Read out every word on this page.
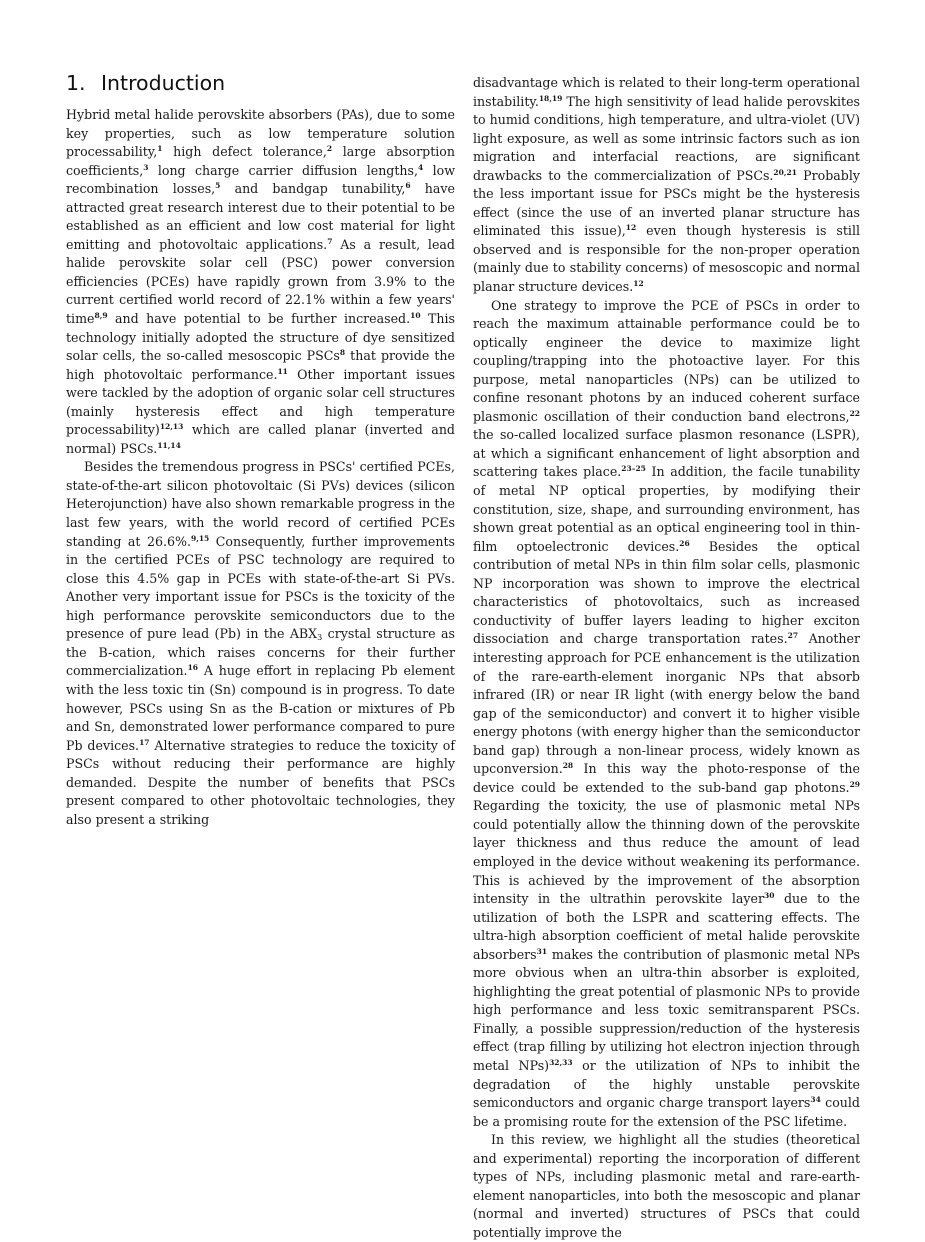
1. Introduction

Hybrid metal halide perovskite absorbers (PAs), due to some key properties, such as low temperature solution processability,$^1$ high defect tolerance,$^2$ large absorption coefficients,$^3$ long charge carrier diffusion lengths,$^4$ low recombination losses,$^5$ and bandgap tunability,$^6$ have attracted great research interest due to their potential to be established as an efficient and low cost material for light emitting and photovoltaic applications.$^7$ As a result, lead halide perovskite solar cell (PSC) power conversion efficiencies (PCEs) have rapidly grown from 3.9% to the current certified world record of 22.1% within a few years' time$^{8,9}$ and have potential to be further increased.$^{10}$ This technology initially adopted the structure of dye sensitized solar cells, the so-called mesoscopic PSCs$^8$ that provide the high photovoltaic performance.$^{11}$ Other important issues were tackled by the adoption of organic solar cell structures (mainly hysteresis effect and high temperature processability)$^{12,13}$ which are called planar (inverted and normal) PSCs.$^{11,14}$

Besides the tremendous progress in PSCs' certified PCEs, state-of-the-art silicon photovoltaic (Si PVs) devices (silicon Heterojunction) have also shown remarkable progress in the last few years, with the world record of certified PCEs standing at 26.6%.$^{9,15}$ Consequently, further improvements in the certified PCEs of PSC technology are required to close this 4.5% gap in PCEs with state-of-the-art Si PVs. Another very important issue for PSCs is the toxicity of the high performance perovskite semiconductors due to the presence of pure lead (Pb) in the $ABX_3$ crystal structure as the B-cation, which raises concerns for their further commercialization.$^{16}$ A huge effort in replacing Pb element with the less toxic tin (Sn) compound is in progress. To date however, PSCs using Sn as the B-cation or mixtures of Pb and Sn, demonstrated lower performance compared to pure Pb devices.$^{17}$ Alternative strategies to reduce the toxicity of PSCs without reducing their performance are highly demanded. Despite the number of benefits that PSCs present compared to other photovoltaic technologies, they also present a striking

disadvantage which is related to their long-term operational instability.$^{18,19}$ The high sensitivity of lead halide perovskites to humid conditions, high temperature, and ultra-violet (UV) light exposure, as well as some intrinsic factors such as ion migration and interfacial reactions, are significant drawbacks to the commercialization of PSCs.$^{20,21}$ Probably the less important issue for PSCs might be the hysteresis effect (since the use of an inverted planar structure has eliminated this issue),$^{12}$ even though hysteresis is still observed and is responsible for the non-proper operation (mainly due to stability concerns) of mesoscopic and normal planar structure devices.$^{12}$

One strategy to improve the PCE of PSCs in order to reach the maximum attainable performance could be to optically engineer the device to maximize light coupling/trapping into the photoactive layer. For this purpose, metal nanoparticles (NPs) can be utilized to confine resonant photons by an induced coherent surface plasmonic oscillation of their conduction band electrons,$^{22}$ the so-called localized surface plasmon resonance (LSPR), at which a significant enhancement of light absorption and scattering takes place.$^{23-25}$ In addition, the facile tunability of metal NP optical properties, by modifying their constitution, size, shape, and surrounding environment, has shown great potential as an optical engineering tool in thin-film optoelectronic devices.$^{26}$ Besides the optical contribution of metal NPs in thin film solar cells, plasmonic NP incorporation was shown to improve the electrical characteristics of photovoltaics, such as increased conductivity of buffer layers leading to higher exciton dissociation and charge transportation rates.$^{27}$ Another interesting approach for PCE enhancement is the utilization of the rare-earth-element inorganic NPs that absorb infrared (IR) or near IR light (with energy below the band gap of the semiconductor) and convert it to higher visible energy photons (with energy higher than the semiconductor band gap) through a non-linear process, widely known as upconversion.$^{28}$ In this way the photo-response of the device could be extended to the sub-band gap photons.$^{29}$ Regarding the toxicity, the use of plasmonic metal NPs could potentially allow the thinning down of the perovskite layer thickness and thus reduce the amount of lead employed in the device without weakening its performance. This is achieved by the improvement of the absorption intensity in the ultrathin perovskite layer$^{30}$ due to the utilization of both the LSPR and scattering effects. The ultra-high absorption coefficient of metal halide perovskite absorbers$^{31}$ makes the contribution of plasmonic metal NPs more obvious when an ultra-thin absorber is exploited, highlighting the great potential of plasmonic NPs to provide high performance and less toxic semitransparent PSCs. Finally, a possible suppression/reduction of the hysteresis effect (trap filling by utilizing hot electron injection through metal NPs)$^{32,33}$ or the utilization of NPs to inhibit the degradation of the highly unstable perovskite semiconductors and organic charge transport layers$^{34}$ could be a promising route for the extension of the PSC lifetime.

In this review, we highlight all the studies (theoretical and experimental) reporting the incorporation of different types of NPs, including plasmonic metal and rare-earth-element nanoparticles, into both the mesoscopic and planar (normal and inverted) structures of PSCs that could potentially improve the
